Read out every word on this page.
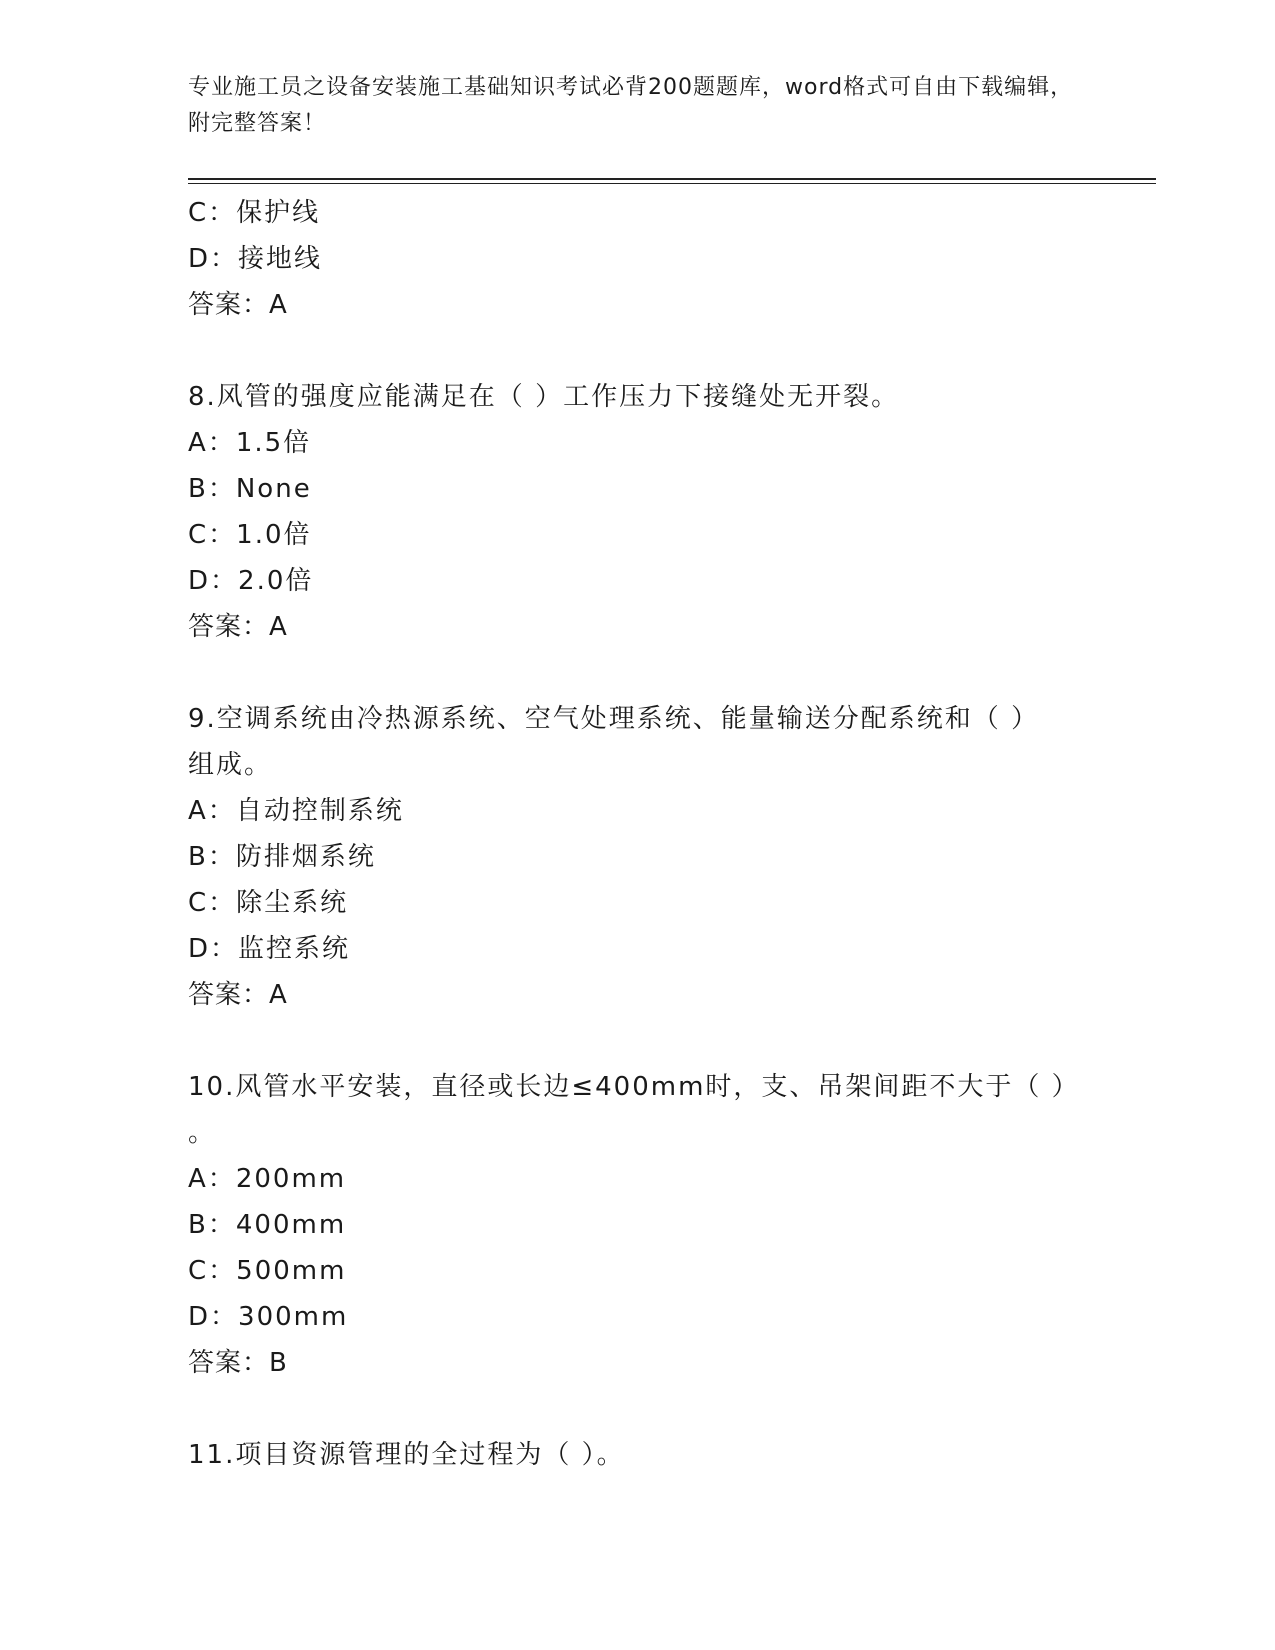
专业施工员之设备安装施工基础知识考试必背200题题库，word格式可自由下载编辑，附完整答案！
C：保护线
D：接地线
答案：A
8.风管的强度应能满足在（ ）工作压力下接缝处无开裂。
A：1.5倍
B：None
C：1.0倍
D：2.0倍
答案：A
9.空调系统由冷热源系统、空气处理系统、能量输送分配系统和（ ）
组成。
A：自动控制系统
B：防排烟系统
C：除尘系统
D：监控系统
答案：A
10.风管水平安装，直径或长边≤400mm时，支、吊架间距不大于（ ）
。
A：200mm
B：400mm
C：500mm
D：300mm
答案：B
11.项目资源管理的全过程为（ ）。
